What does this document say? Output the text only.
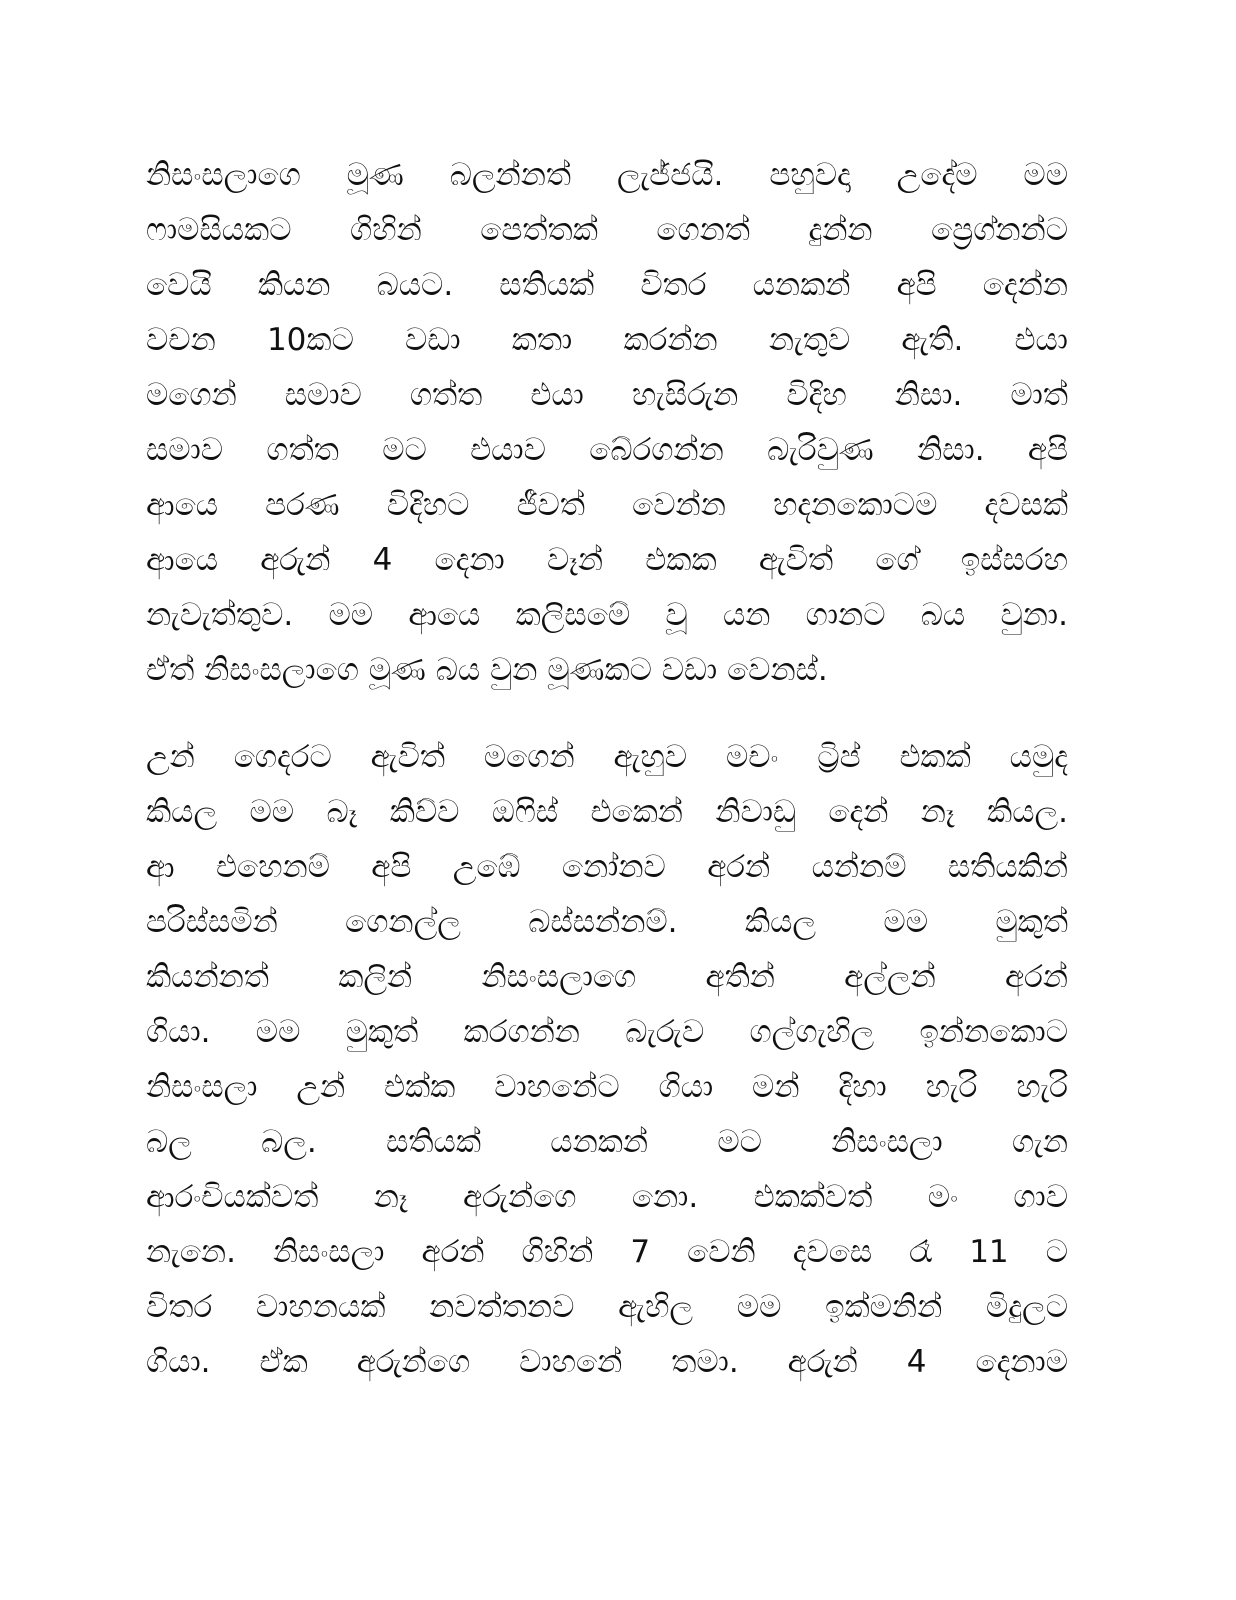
නිසංසලාගෙ මූණ බලන්නත් ලැජ්ජයි. පහුවදා උදේම මම
ෆාමසියකට ගිහින් පෙත්තක් ගෙනත් දුන්න ප්‍රෙග්නන්ට
වෙයි කියන බයට. සතියක් විතර යනකන් අපි දෙන්න
වචන 10කට වඩා කතා කරන්න නැතුව ඇති. එයා
මගෙන් සමාව ගත්ත එයා හැසිරුන විදිහ නිසා. මාත්
සමාව ගත්ත මට එයාව බේරගන්න බැරිවුණ නිසා. අපි
ආයෙ පරණ විදිහට ජීවත් වෙන්න හදනකොටම දවසක්
ආයෙ අරුන් 4 දෙනා වෑන් එකක ඇවිත් ගේ ඉස්සරහ
නැවැත්තුව. මම ආයෙ කලිසමේ වූ යන ගානට බය වුනා.
ඒත් නිසංසලාගෙ මූණ බය වුන මූණකට වඩා වෙනස්.
උන් ගෙදරට ඇවිත් මගෙන් ඇහුව මචං ට්‍රිප් එකක් යමුද
කියල මම බෑ කිව්ව ඔෆිස් එකෙන් නිවාඩු දෙන් නෑ කියල.
ආ එහෙනම් අපි උඹේ නෝනව අරන් යන්නම් සතියකින්
පරිස්සමින් ගෙනල්ල බස්සන්නම්. කියල මම මුකුත්
කියන්නත් කලින් නිසංසලාගෙ අතින් අල්ලන් අරන්
ගියා. මම මුකුත් කරගන්න බැරුව ගල්ගැහිල ඉන්නකොට
නිසංසලා උන් එක්ක වාහනේට ගියා මන් දිහා හැරි හැරි
බල බල. සතියක් යනකන් මට නිසංසලා ගැන
ආරංචියක්වත් නෑ අරුන්ගෙ නො. එකක්වත් මං ගාව
නැනෙ. නිසංසලා අරන් ගිහින් 7 වෙනි දවසෙ රෑ 11 ට
විතර වාහනයක් නවත්තනව ඇහිල මම ඉක්මනින් මිදුලට
ගියා. ඒක අරුන්ගෙ වාහනේ තමා. අරුන් 4 දෙනාම
